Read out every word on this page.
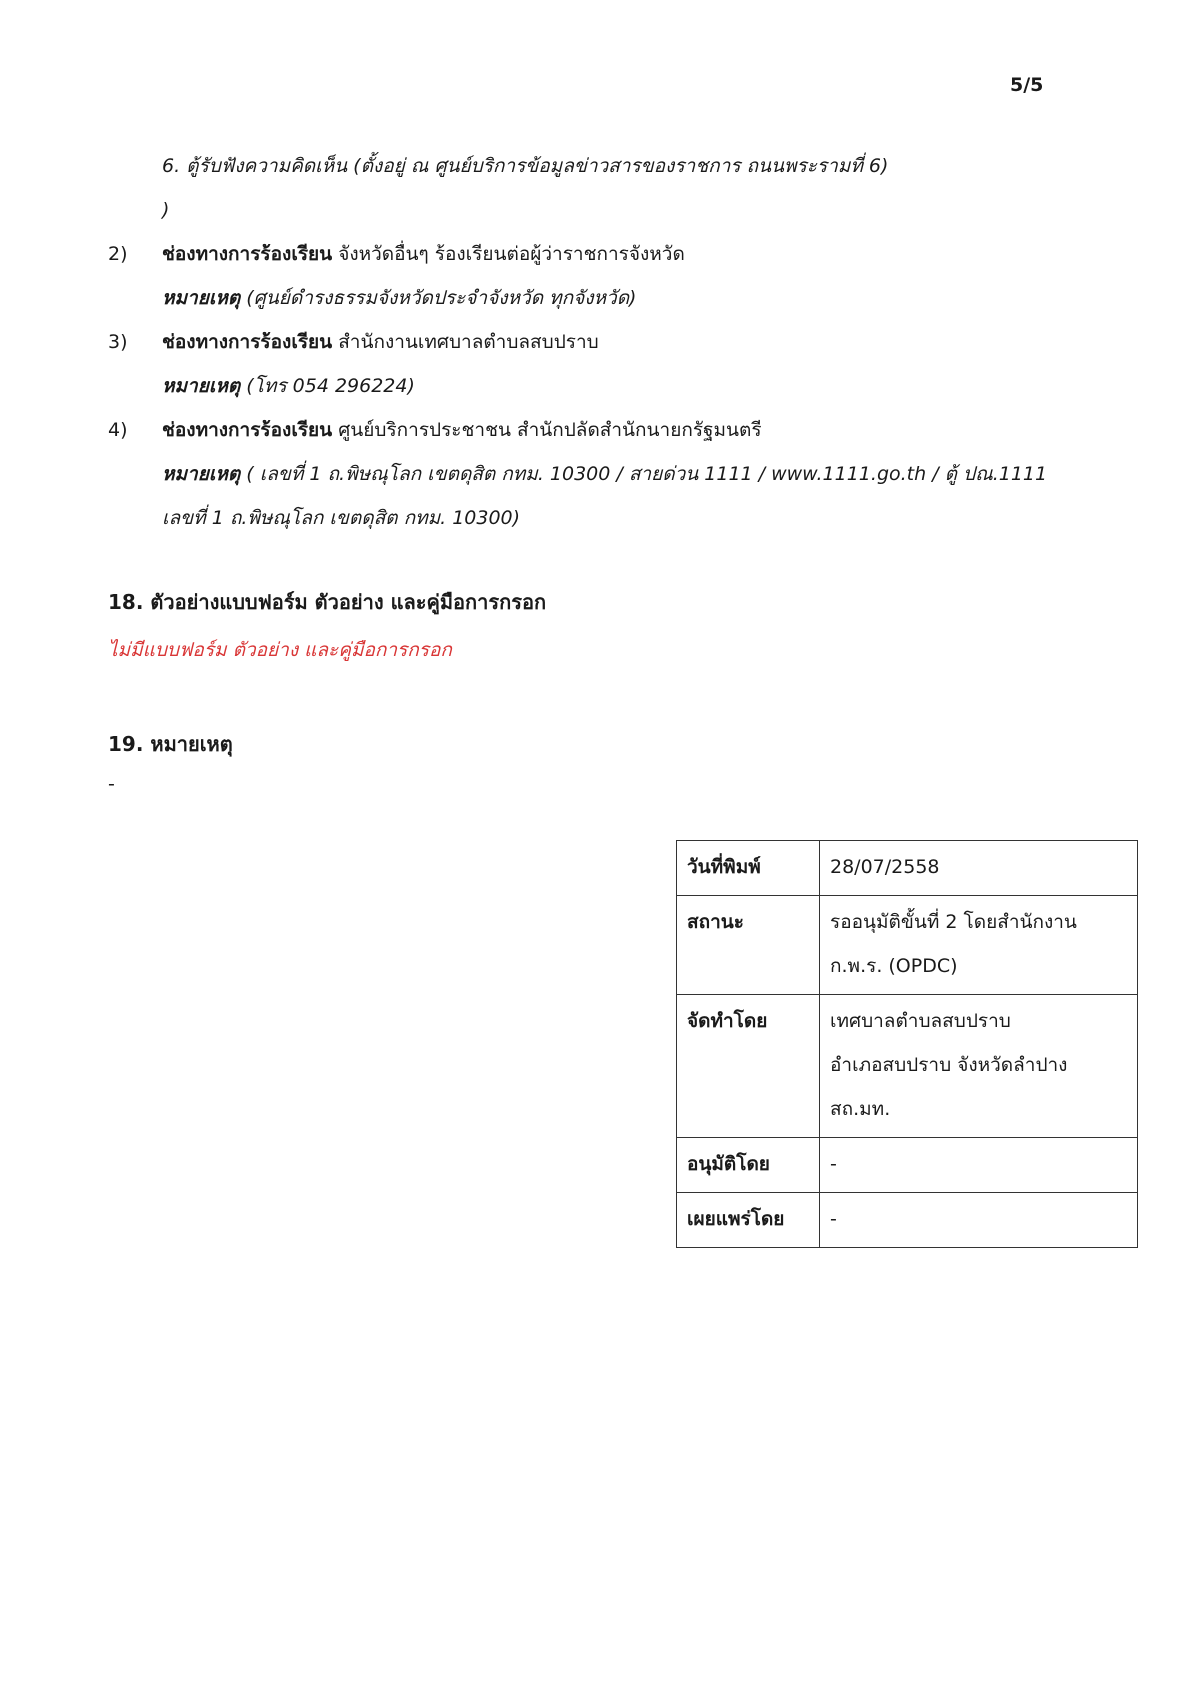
5/5
6. ตู้รับฟังความคิดเห็น (ตั้งอยู่ ณ ศูนย์บริการข้อมูลข่าวสารของราชการ ถนนพระรามที่ 6)
)
2) ช่องทางการร้องเรียน จังหวัดอื่นๆ ร้องเรียนต่อผู้ว่าราชการจังหวัด
หมายเหตุ (ศูนย์ดำรงธรรมจังหวัดประจำจังหวัด ทุกจังหวัด)
3) ช่องทางการร้องเรียน สำนักงานเทศบาลตำบลสบปราบ
หมายเหตุ (โทร 054 296224)
4) ช่องทางการร้องเรียน ศูนย์บริการประชาชน สำนักปลัดสำนักนายกรัฐมนตรี
หมายเหตุ ( เลขที่ 1 ถ.พิษณุโลก เขตดุสิต กทม. 10300 / สายด่วน 1111 / www.1111.go.th / ตู้ ปณ.1111
เลขที่ 1 ถ.พิษณุโลก เขตดุสิต กทม. 10300)
18. ตัวอย่างแบบฟอร์ม ตัวอย่าง และคู่มือการกรอก
ไม่มีแบบฟอร์ม ตัวอย่าง และคู่มือการกรอก
19. หมายเหตุ
-
วันที่พิมพ์	28/07/2558
สถานะ	รออนุมัติขั้นที่ 2 โดยสำนักงาน
ก.พ.ร. (OPDC)

จัดทำโดย	เทศบาลตำบลสบปราบ
อำเภอสบปราบ จังหวัดลำปาง
สถ.มท.

อนุมัติโดย	-
เผยแพร่โดย	-
